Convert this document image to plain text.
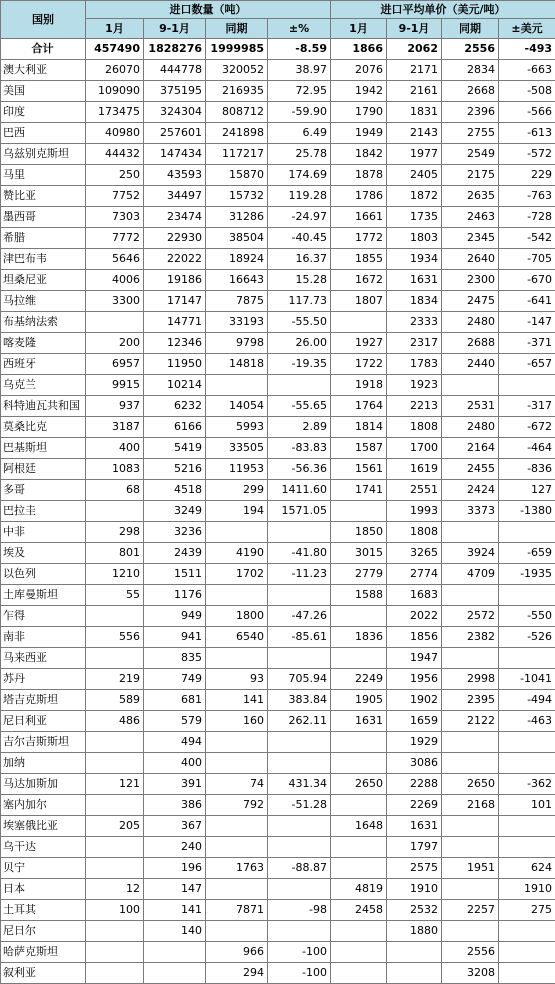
国别	进口数量（吨）				进口平均单价（美元/吨）			
	1月	9-1月	同期	±%	1月	9-1月	同期	±美元
合计	457490	1828276	1999985	-8.59	1866	2062	2556	-493
澳大利亚	26070	444778	320052	38.97	2076	2171	2834	-663
美国	109090	375195	216935	72.95	1942	2161	2668	-508
印度	173475	324304	808712	-59.90	1790	1831	2396	-566
巴西	40980	257601	241898	6.49	1949	2143	2755	-613
乌兹别克斯坦	44432	147434	117217	25.78	1842	1977	2549	-572
马里	250	43593	15870	174.69	1878	2405	2175	229
赞比亚	7752	34497	15732	119.28	1786	1872	2635	-763
墨西哥	7303	23474	31286	-24.97	1661	1735	2463	-728
希腊	7772	22930	38504	-40.45	1772	1803	2345	-542
津巴布韦	5646	22022	18924	16.37	1855	1934	2640	-705
坦桑尼亚	4006	19186	16643	15.28	1672	1631	2300	-670
马拉维	3300	17147	7875	117.73	1807	1834	2475	-641
布基纳法索		14771	33193	-55.50		2333	2480	-147
喀麦隆	200	12346	9798	26.00	1927	2317	2688	-371
西班牙	6957	11950	14818	-19.35	1722	1783	2440	-657
乌克兰	9915	10214			1918	1923		
科特迪瓦共和国	937	6232	14054	-55.65	1764	2213	2531	-317
莫桑比克	3187	6166	5993	2.89	1814	1808	2480	-672
巴基斯坦	400	5419	33505	-83.83	1587	1700	2164	-464
阿根廷	1083	5216	11953	-56.36	1561	1619	2455	-836
多哥	68	4518	299	1411.60	1741	2551	2424	127
巴拉圭		3249	194	1571.05		1993	3373	-1380
中非	298	3236			1850	1808		
埃及	801	2439	4190	-41.80	3015	3265	3924	-659
以色列	1210	1511	1702	-11.23	2779	2774	4709	-1935
土库曼斯坦	55	1176			1588	1683		
乍得		949	1800	-47.26		2022	2572	-550
南非	556	941	6540	-85.61	1836	1856	2382	-526
马来西亚		835				1947		
苏丹	219	749	93	705.94	2249	1956	2998	-1041
塔吉克斯坦	589	681	141	383.84	1905	1902	2395	-494
尼日利亚	486	579	160	262.11	1631	1659	2122	-463
吉尔吉斯斯坦		494				1929		
加纳		400				3086		
马达加斯加	121	391	74	431.34	2650	2288	2650	-362
塞内加尔		386	792	-51.28		2269	2168	101
埃塞俄比亚	205	367			1648	1631		
乌干达		240				1797		
贝宁		196	1763	-88.87		2575	1951	624
日本	12	147			4819	1910		1910
土耳其	100	141	7871	-98	2458	2532	2257	275
尼日尔		140				1880		
哈萨克斯坦			966	-100			2556	
叙利亚			294	-100			3208	
